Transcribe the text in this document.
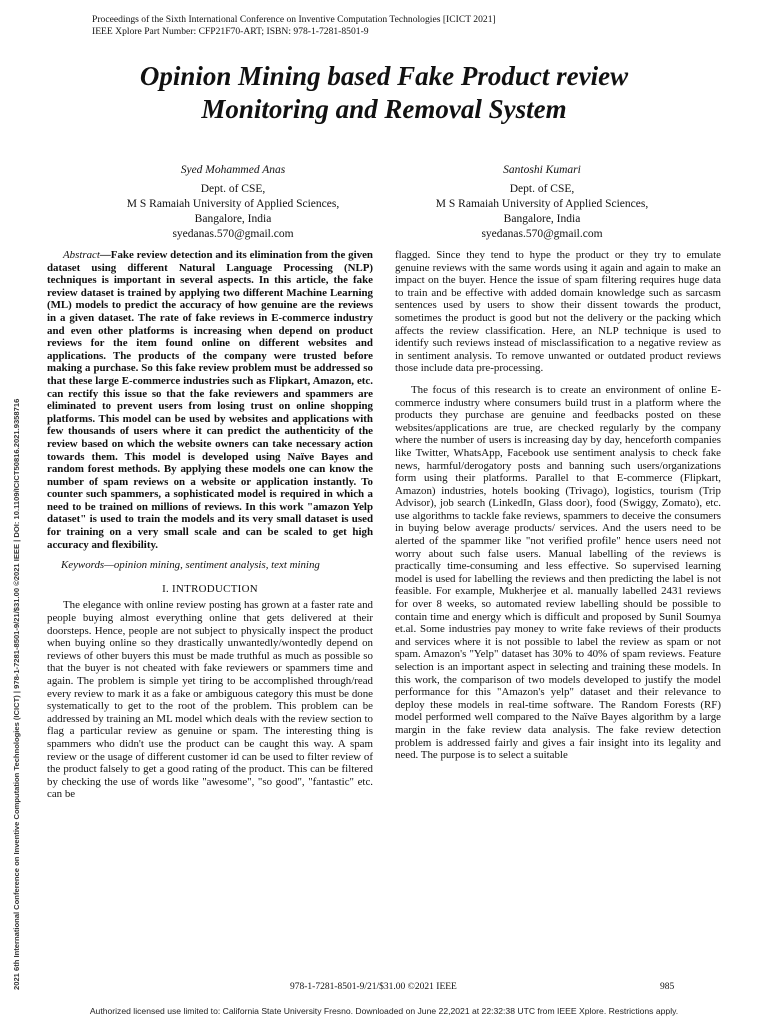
Proceedings of the Sixth International Conference on Inventive Computation Technologies [ICICT 2021]
IEEE Xplore Part Number: CFP21F70-ART; ISBN: 978-1-7281-8501-9
Opinion Mining based Fake Product review
Monitoring and Removal System
Syed Mohammed Anas
Dept. of CSE,
M S Ramaiah University of Applied Sciences,
Bangalore, India
syedanas.570@gmail.com
Santoshi Kumari
Dept. of CSE,
M S Ramaiah University of Applied Sciences,
Bangalore, India
syedanas.570@gmail.com

Abstract—Fake review detection and its elimination from the given dataset using different Natural Language Processing (NLP) techniques is important in several aspects. In this article, the fake review dataset is trained by applying two different Machine Learning (ML) models to predict the accuracy of how genuine are the reviews in a given dataset. The rate of fake reviews in E-commerce industry and even other platforms is increasing when depend on product reviews for the item found online on different websites and applications. The products of the company were trusted before making a purchase. So this fake review problem must be addressed so that these large E-commerce industries such as Flipkart, Amazon, etc. can rectify this issue so that the fake reviewers and spammers are eliminated to prevent users from losing trust on online shopping platforms. This model can be used by websites and applications with few thousands of users where it can predict the authenticity of the review based on which the website owners can take necessary action towards them. This model is developed using Naïve Bayes and random forest methods. By applying these models one can know the number of spam reviews on a website or application instantly. To counter such spammers, a sophisticated model is required in which a need to be trained on millions of reviews. In this work "amazon Yelp dataset" is used to train the models and its very small dataset is used for training on a very small scale and can be scaled to get high accuracy and flexibility.

Keywords—opinion mining, sentiment analysis, text mining

I. INTRODUCTION

The elegance with online review posting has grown at a faster rate and people buying almost everything online that gets delivered at their doorsteps. Hence, people are not subject to physically inspect the product when buying online so they drastically unwantedly/wontedly depend on reviews of other buyers this must be made truthful as much as possible so that the buyer is not cheated with fake reviewers or spammers time and again. The problem is simple yet tiring to be accomplished through/read every review to mark it as a fake or ambiguous category this must be done systematically to get to the root of the problem. This problem can be addressed by training an ML model which deals with the review section to flag a particular review as genuine or spam. The interesting thing is spammers who didn't use the product can be caught this way. A spam review or the usage of different customer id can be used to filter review of the product falsely to get a good rating of the product. This can be filtered by checking the use of words like "awesome", "so good", "fantastic" etc. can be

flagged. Since they tend to hype the product or they try to emulate genuine reviews with the same words using it again and again to make an impact on the buyer. Hence the issue of spam filtering requires huge data to train and be effective with added domain knowledge such as sarcasm sentences used by users to show their dissent towards the product, sometimes the product is good but not the delivery or the packing which affects the review classification. Here, an NLP technique is used to identify such reviews instead of misclassification to a negative review as in sentiment analysis. To remove unwanted or outdated product reviews those include data pre-processing.

The focus of this research is to create an environment of online E-commerce industry where consumers build trust in a platform where the products they purchase are genuine and feedbacks posted on these websites/applications are true, are checked regularly by the company where the number of users is increasing day by day, henceforth companies like Twitter, WhatsApp, Facebook use sentiment analysis to check fake news, harmful/derogatory posts and banning such users/organizations form using their platforms. Parallel to that E-commerce (Flipkart, Amazon) industries, hotels booking (Trivago), logistics, tourism (Trip Advisor), job search (LinkedIn, Glass door), food (Swiggy, Zomato), etc. use algorithms to tackle fake reviews, spammers to deceive the consumers in buying below average products/ services. And the users need to be alerted of the spammer like "not verified profile" hence users need not worry about such false users. Manual labelling of the reviews is practically time-consuming and less effective. So supervised learning model is used for labelling the reviews and then predicting the label is not feasible. For example, Mukherjee et al. manually labelled 2431 reviews for over 8 weeks, so automated review labelling should be possible to contain time and energy which is difficult and proposed by Sunil Soumya et.al. Some industries pay money to write fake reviews of their products and services where it is not possible to label the review as spam or not spam. Amazon's "Yelp" dataset has 30% to 40% of spam reviews. Feature selection is an important aspect in selecting and training these models. In this work, the comparison of two models developed to justify the model performance for this "Amazon's yelp" dataset and their relevance to deploy these models in real-time software. The Random Forests (RF) model performed well compared to the Naïve Bayes algorithm by a large margin in the fake review data analysis. The fake review detection problem is addressed fairly and gives a fair insight into its legality and need. The purpose is to select a suitable

2021 6th International Conference on Inventive Computation Technologies (ICICT) | 978-1-7281-8501-9/21/$31.00 ©2021 IEEE | DOI: 10.1109/ICICT50816.2021.9358716	978-1-7281-8501-9/21/$31.00 ©2021 IEEE	985
Authorized licensed use limited to: California State University Fresno. Downloaded on June 22,2021 at 22:32:38 UTC from IEEE Xplore. Restrictions apply.
